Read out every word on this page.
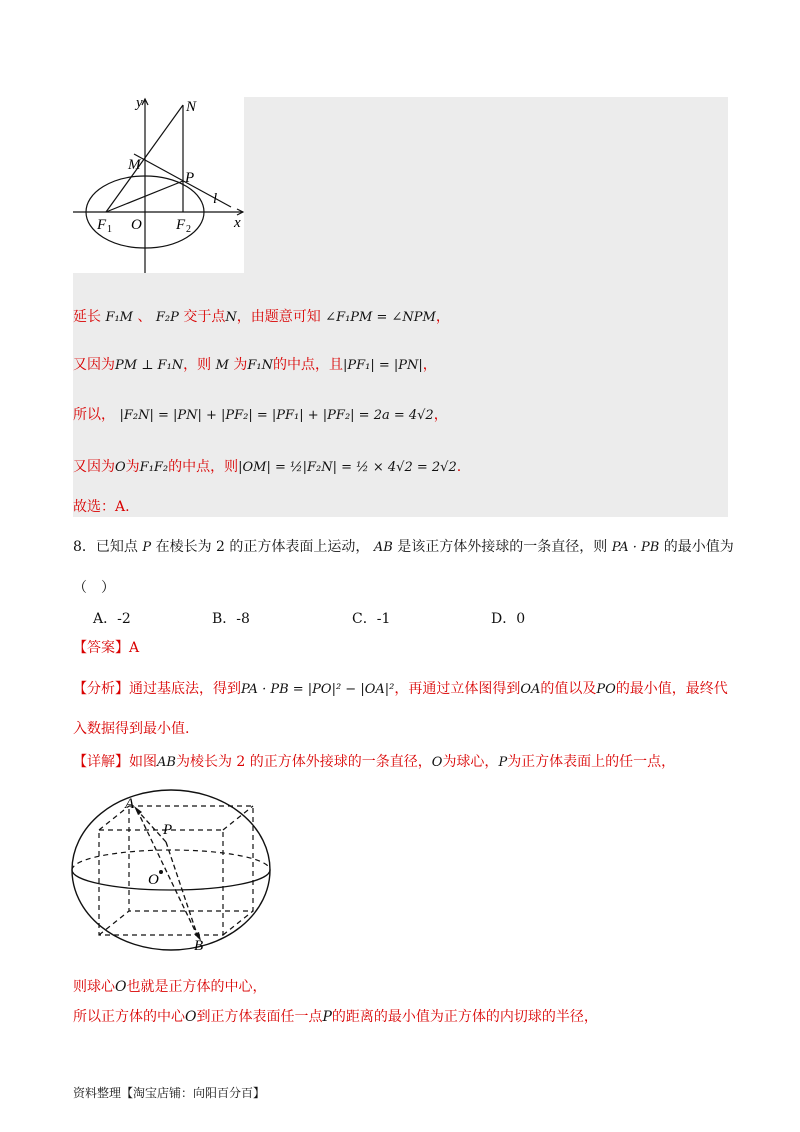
y	N
M
P
l
F 1 O F 2	x
延长 F₁M 、 F₂P 交于点N，由题意可知 ∠F₁PM = ∠NPM，
又因为PM ⊥ F₁N，则 M 为F₁N的中点，且|PF₁| = |PN|，
所以， |F₂N| = |PN| + |PF₂| = |PF₁| + |PF₂| = 2a = 4√2，
又因为O为F₁F₂的中点，则|OM| = ½|F₂N| = ½ × 4√2 = 2√2.
故选：A.
8．已知点 P 在棱长为 2 的正方体表面上运动， AB 是该正方体外接球的一条直径，则 PA · PB 的最小值为
（　）
A．-2	B．-8	C．-1	D．0
【答案】A
【分析】通过基底法，得到PA · PB = |PO|² − |OA|²，再通过立体图得到OA的值以及PO的最小值，最终代
入数据得到最小值.
【详解】如图AB为棱长为 2 的正方体外接球的一条直径，O为球心，P为正方体表面上的任一点，
A
P
O
B
则球心O也就是正方体的中心，
所以正方体的中心O到正方体表面任一点P的距离的最小值为正方体的内切球的半径，
资料整理【淘宝店铺：向阳百分百】
